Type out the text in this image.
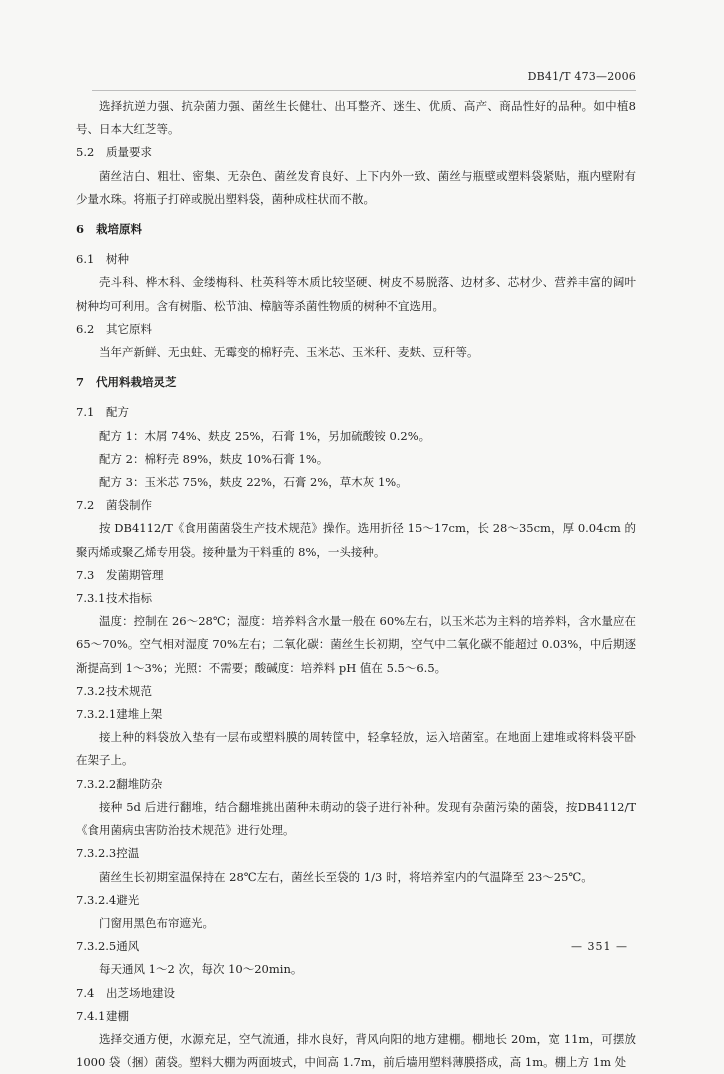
DB41/T 473—2006

选择抗逆力强、抗杂菌力强、菌丝生长健壮、出耳整齐、迷生、优质、高产、商品性好的品种。如中植8号、日本大红芝等。

5.2 质量要求

菌丝洁白、粗壮、密集、无杂色、菌丝发育良好、上下内外一致、菌丝与瓶壁或塑料袋紧贴，瓶内壁附有少量水珠。将瓶子打碎或脱出塑料袋，菌种成柱状而不散。

6 栽培原料

6.1 树种

壳斗科、桦木科、金缕梅科、杜英科等木质比较坚硬、树皮不易脱落、边材多、芯材少、营养丰富的阔叶树种均可利用。含有树脂、松节油、樟脑等杀菌性物质的树种不宜选用。

6.2 其它原料

当年产新鲜、无虫蛀、无霉变的棉籽壳、玉米芯、玉米秆、麦麸、豆秆等。

7 代用料栽培灵芝

7.1 配方

配方 1：木屑 74%、麸皮 25%，石膏 1%，另加硫酸铵 0.2%。

配方 2：棉籽壳 89%，麸皮 10%石膏 1%。

配方 3：玉米芯 75%，麸皮 22%，石膏 2%，草木灰 1%。

7.2 菌袋制作

按 DB4112/T《食用菌菌袋生产技术规范》操作。选用折径 15～17cm，长 28～35cm，厚 0.04cm 的聚丙烯或聚乙烯专用袋。接种量为干料重的 8%，一头接种。

7.3 发菌期管理

7.3.1技术指标

温度：控制在 26～28℃；湿度：培养料含水量一般在 60%左右，以玉米芯为主料的培养料，含水量应在 65～70%。空气相对湿度 70%左右；二氧化碳：菌丝生长初期，空气中二氧化碳不能超过 0.03%，中后期逐渐提高到 1～3%；光照：不需要；酸碱度：培养料 pH 值在 5.5～6.5。

7.3.2技术规范

7.3.2.1建堆上架

接上种的料袋放入垫有一层布或塑料膜的周转筐中，轻拿轻放，运入培菌室。在地面上建堆或将料袋平卧在架子上。

7.3.2.2翻堆防杂

接种 5d 后进行翻堆，结合翻堆挑出菌种未萌动的袋子进行补种。发现有杂菌污染的菌袋，按DB4112/T《食用菌病虫害防治技术规范》进行处理。

7.3.2.3控温

菌丝生长初期室温保持在 28℃左右，菌丝长至袋的 1/3 时，将培养室内的气温降至 23～25℃。

7.3.2.4避光

门窗用黑色布帘遮光。

7.3.2.5通风

每天通风 1～2 次，每次 10～20min。

7.4 出芝场地建设

7.4.1建棚

选择交通方便，水源充足，空气流通，排水良好，背风向阳的地方建棚。棚地长 20m，宽 11m，可摆放 1000 袋（捆）菌袋。塑料大棚为两面坡式，中间高 1.7m，前后墙用塑料薄膜搭成，高 1m。棚上方 1m 处

— 351 —
